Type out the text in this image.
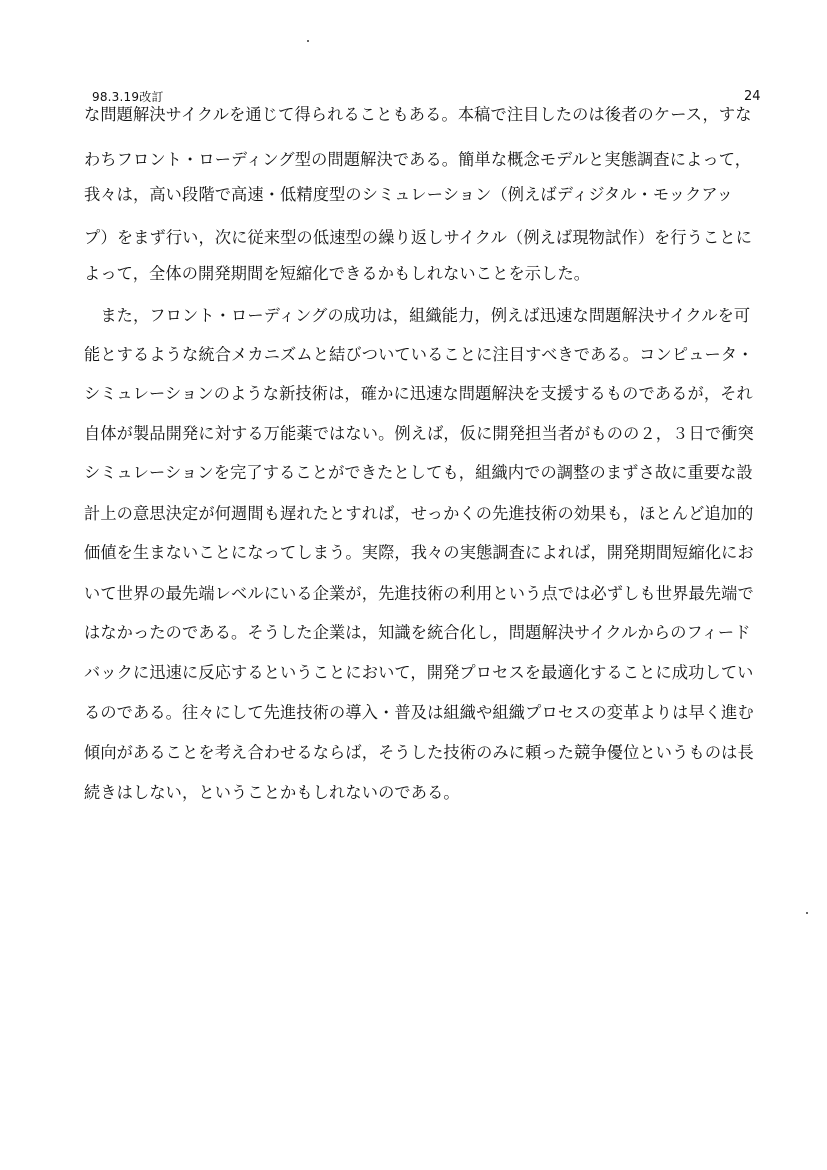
98.3.19改訂	24
な問題解決サイクルを通じて得られることもある。本稿で注目したのは後者のケース，すな
わちフロント・ローディング型の問題解決である。簡単な概念モデルと実態調査によって，
我々は，高い段階で高速・低精度型のシミュレーション（例えばディジタル・モックアッ
プ）をまず行い，次に従来型の低速型の繰り返しサイクル（例えば現物試作）を行うことに
よって，全体の開発期間を短縮化できるかもしれないことを示した。
　また，フロント・ローディングの成功は，組織能力，例えば迅速な問題解決サイクルを可
能とするような統合メカニズムと結びついていることに注目すべきである。コンピュータ・
シミュレーションのような新技術は，確かに迅速な問題解決を支援するものであるが，それ
自体が製品開発に対する万能薬ではない。例えば，仮に開発担当者がものの２，３日で衝突
シミュレーションを完了することができたとしても，組織内での調整のまずさ故に重要な設
計上の意思決定が何週間も遅れたとすれば，せっかくの先進技術の効果も，ほとんど追加的
価値を生まないことになってしまう。実際，我々の実態調査によれば，開発期間短縮化にお
いて世界の最先端レベルにいる企業が，先進技術の利用という点では必ずしも世界最先端で
はなかったのである。そうした企業は，知識を統合化し，問題解決サイクルからのフィード
バックに迅速に反応するということにおいて，開発プロセスを最適化することに成功してい
るのである。往々にして先進技術の導入・普及は組織や組織プロセスの変革よりは早く進む
傾向があることを考え合わせるならば，そうした技術のみに頼った競争優位というものは長
続きはしない，ということかもしれないのである。
